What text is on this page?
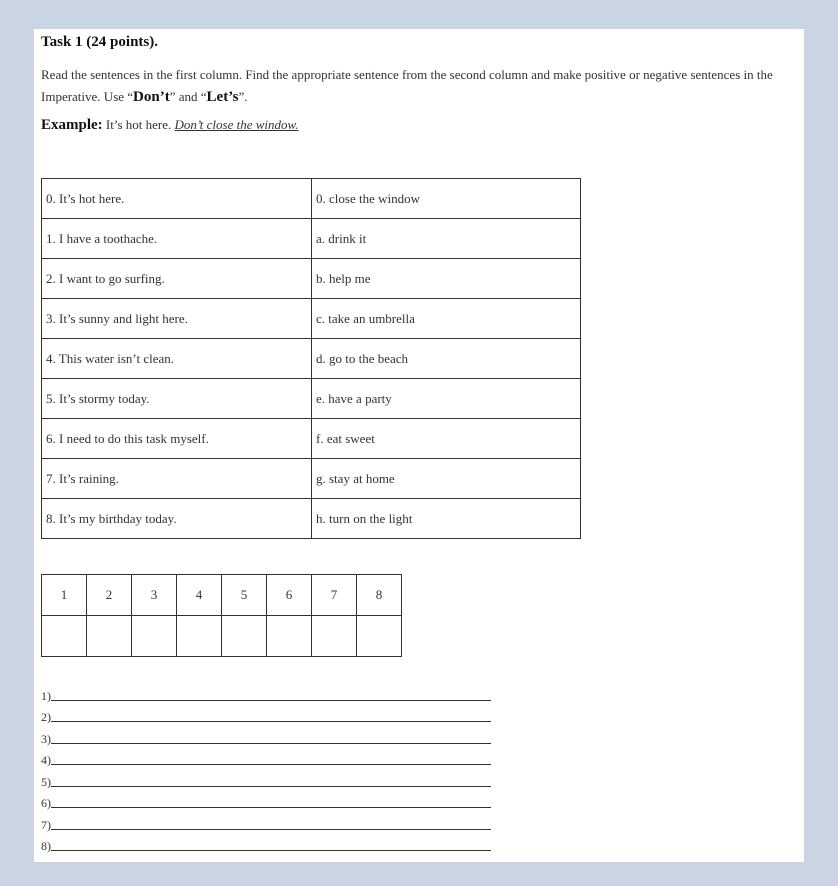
Task 1 (24 points).
Read the sentences in the first column. Find the appropriate sentence from the second column and make positive or negative sentences in the Imperative. Use “Don’t” and “Let’s”.
Example: It’s hot here. Don’t close the window.
0. It’s hot here.	0. close the window
1. I have a toothache.	a. drink it
2. I want to go surfing.	b. help me
3. It’s sunny and light here.	c. take an umbrella
4. This water isn’t clean.	d. go to the beach
5. It’s stormy today.	e. have a party
6. I need to do this task myself.	f. eat sweet
7. It’s raining.	g. stay at home
8. It’s my birthday today.	h. turn on the light
1	2	3	4	5	6	7	8

1)
2)
3)
4)
5)
6)
7)
8)
